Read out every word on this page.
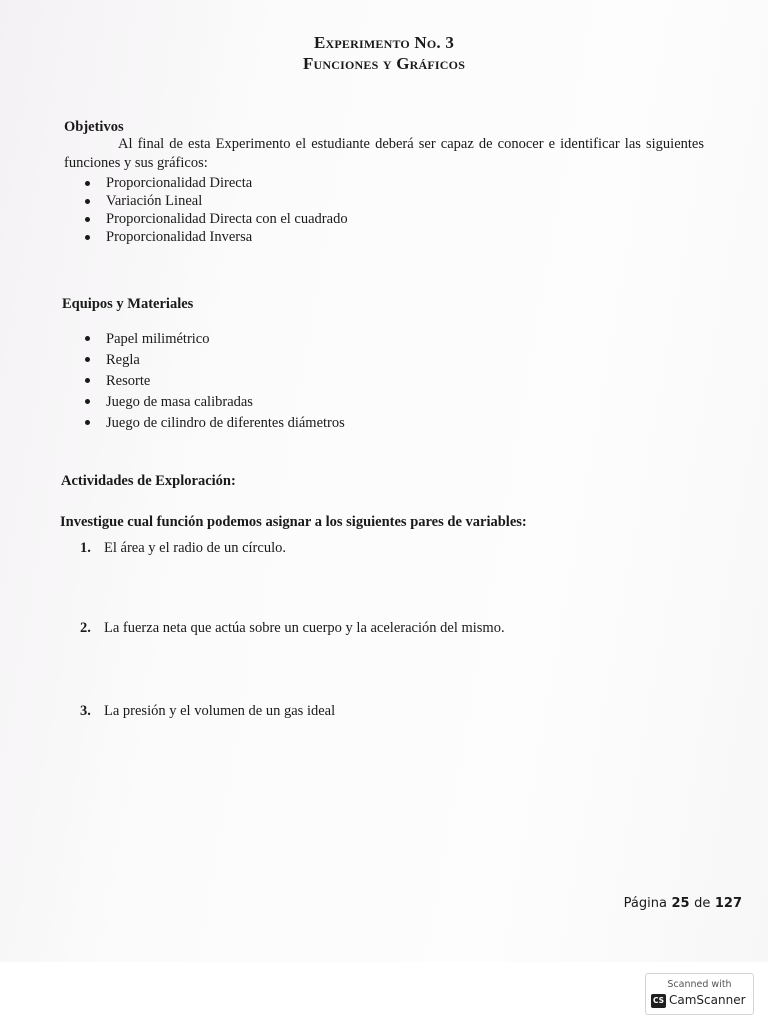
Experimento No. 3
Funciones y Gráficos
Objetivos

Al final de esta Experimento el estudiante deberá ser capaz de conocer e identificar las siguientes funciones y sus gráficos:

Proporcionalidad Directa
Variación Lineal
Proporcionalidad Directa con el cuadrado
Proporcionalidad Inversa
Equipos y Materiales
Papel milimétrico
Regla
Resorte
Juego de masa calibradas
Juego de cilindro de diferentes diámetros
Actividades de Exploración:
Investigue cual función podemos asignar a los siguientes pares de variables:
1. El área y el radio de un círculo.
2. La fuerza neta que actúa sobre un cuerpo y la aceleración del mismo.
3. La presión y el volumen de un gas ideal
Página 25 de 127
Scanned with
CS CamScanner
